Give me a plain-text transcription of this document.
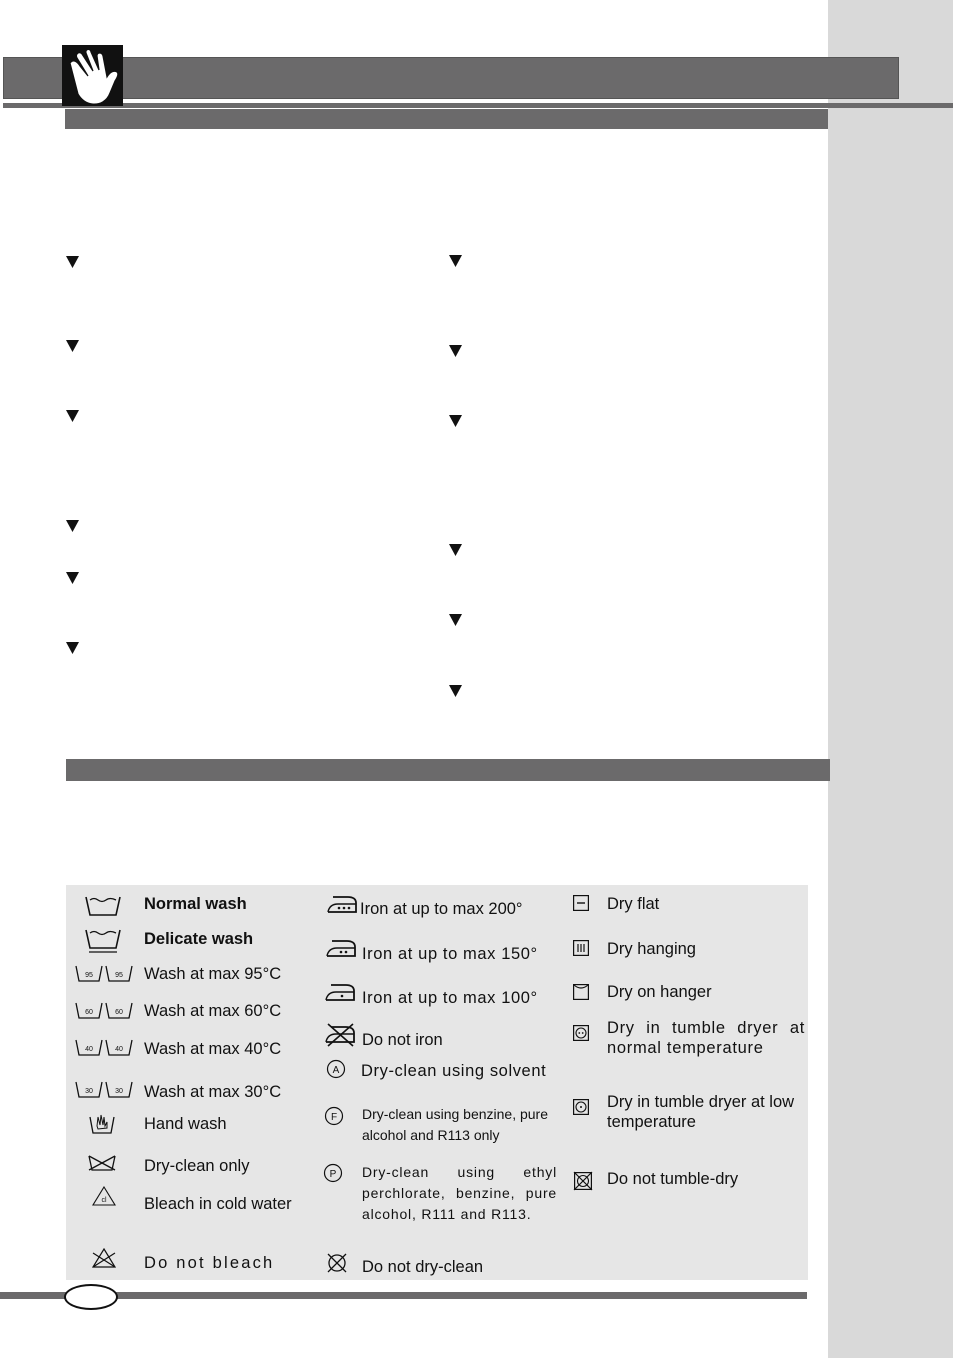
Normal wash
Delicate wash
95	95 Wash at max 95°C
60	60 Wash at max 60°C
40	40 Wash at max 40°C
30	30 Wash at max 30°C
Hand wash
Dry-clean only
cl Bleach in cold water
Do not bleach
Iron at up to max 200°
Iron at up to max 150°
Iron at up to max 100°
Do not iron
A Dry-clean using solvent
F Dry-clean using benzine, pure alcohol and R113 only
P Dry-clean using ethyl perchlorate, benzine, pure alcohol, R111 and R113.
Do not dry-clean
Dry flat
Dry hanging
Dry on hanger
Dry in tumble dryer at normal temperature
Dry in tumble dryer at low temperature
Do not tumble-dry
